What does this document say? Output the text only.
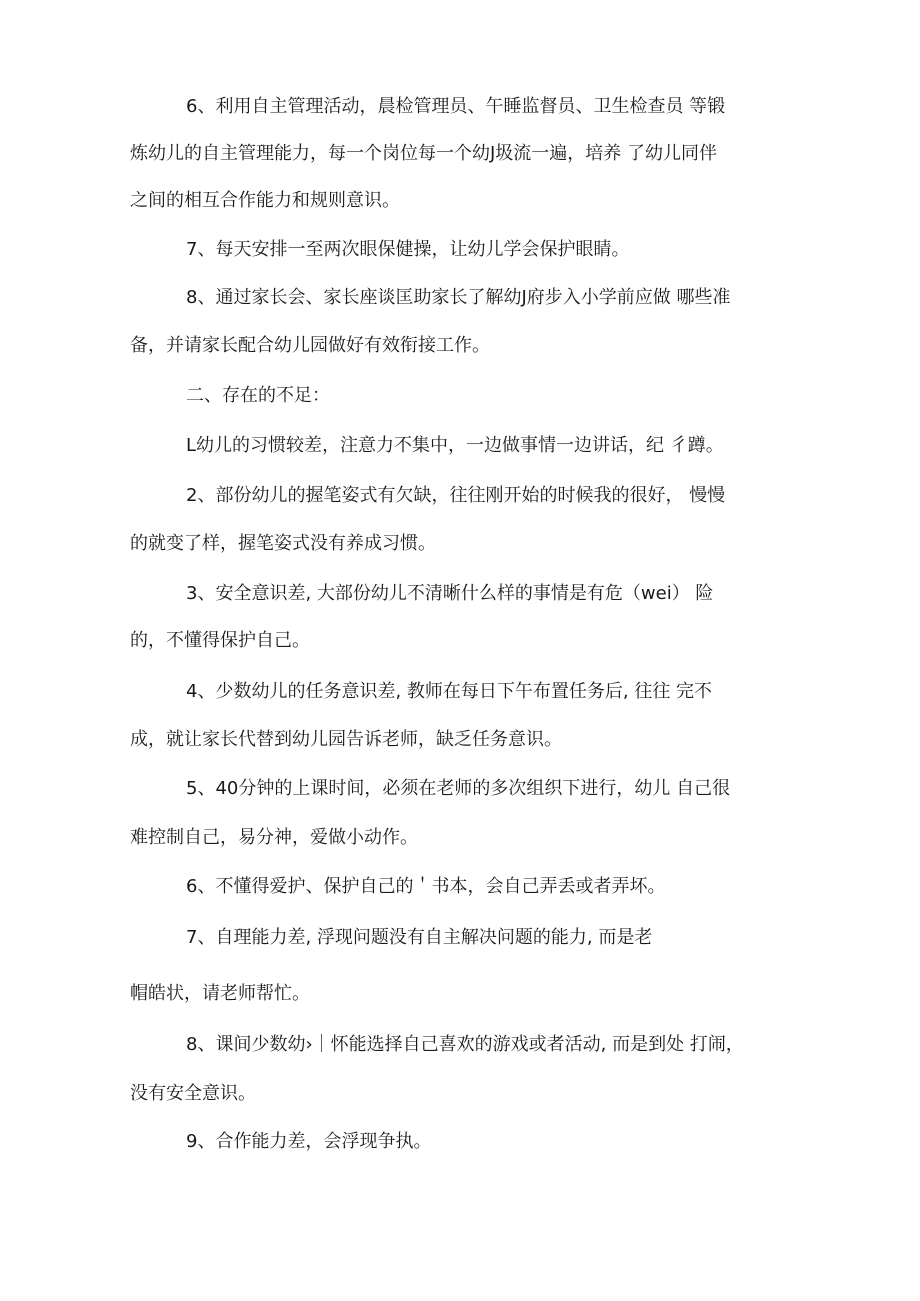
6、利用自主管理活动，晨检管理员、午睡监督员、卫生检查员 等锻
炼幼儿的自主管理能力，每一个岗位每一个幼J圾流一遍，培养 了幼儿同伴
之间的相互合作能力和规则意识。
7、每天安排一至两次眼保健操，让幼儿学会保护眼睛。
8、通过家长会、家长座谈匡助家长了解幼J府步入小学前应做 哪些准
备，并请家长配合幼儿园做好有效衔接工作。
二、存在的不足：
L幼儿的习惯较差，注意力不集中，一边做事情一边讲话，纪 彳蹲。
2、部份幼儿的握笔姿式有欠缺，往往刚开始的时候我的很好， 慢慢
的就变了样，握笔姿式没有养成习惯。
3、安全意识差, 大部份幼儿不清晰什么样的事情是有危（wei） 险
的，不懂得保护自己。
4、少数幼儿的任务意识差, 教师在每日下午布置任务后, 往往 完不
成，就让家长代替到幼儿园告诉老师，缺乏任务意识。
5、40分钟的上课时间，必须在老师的多次组织下进行，幼儿 自己很
难控制自己，易分神，爱做小动作。
6、不懂得爱护、保护自己的＇书本，会自己弄丢或者弄坏。
7、自理能力差, 浮现问题没有自主解决问题的能力, 而是老
帽皓状，请老师帮忙。
8、课间少数幼›｜怀能选择自己喜欢的游戏或者活动, 而是到处 打闹，
没有安全意识。
9、合作能力差，会浮现争执。
